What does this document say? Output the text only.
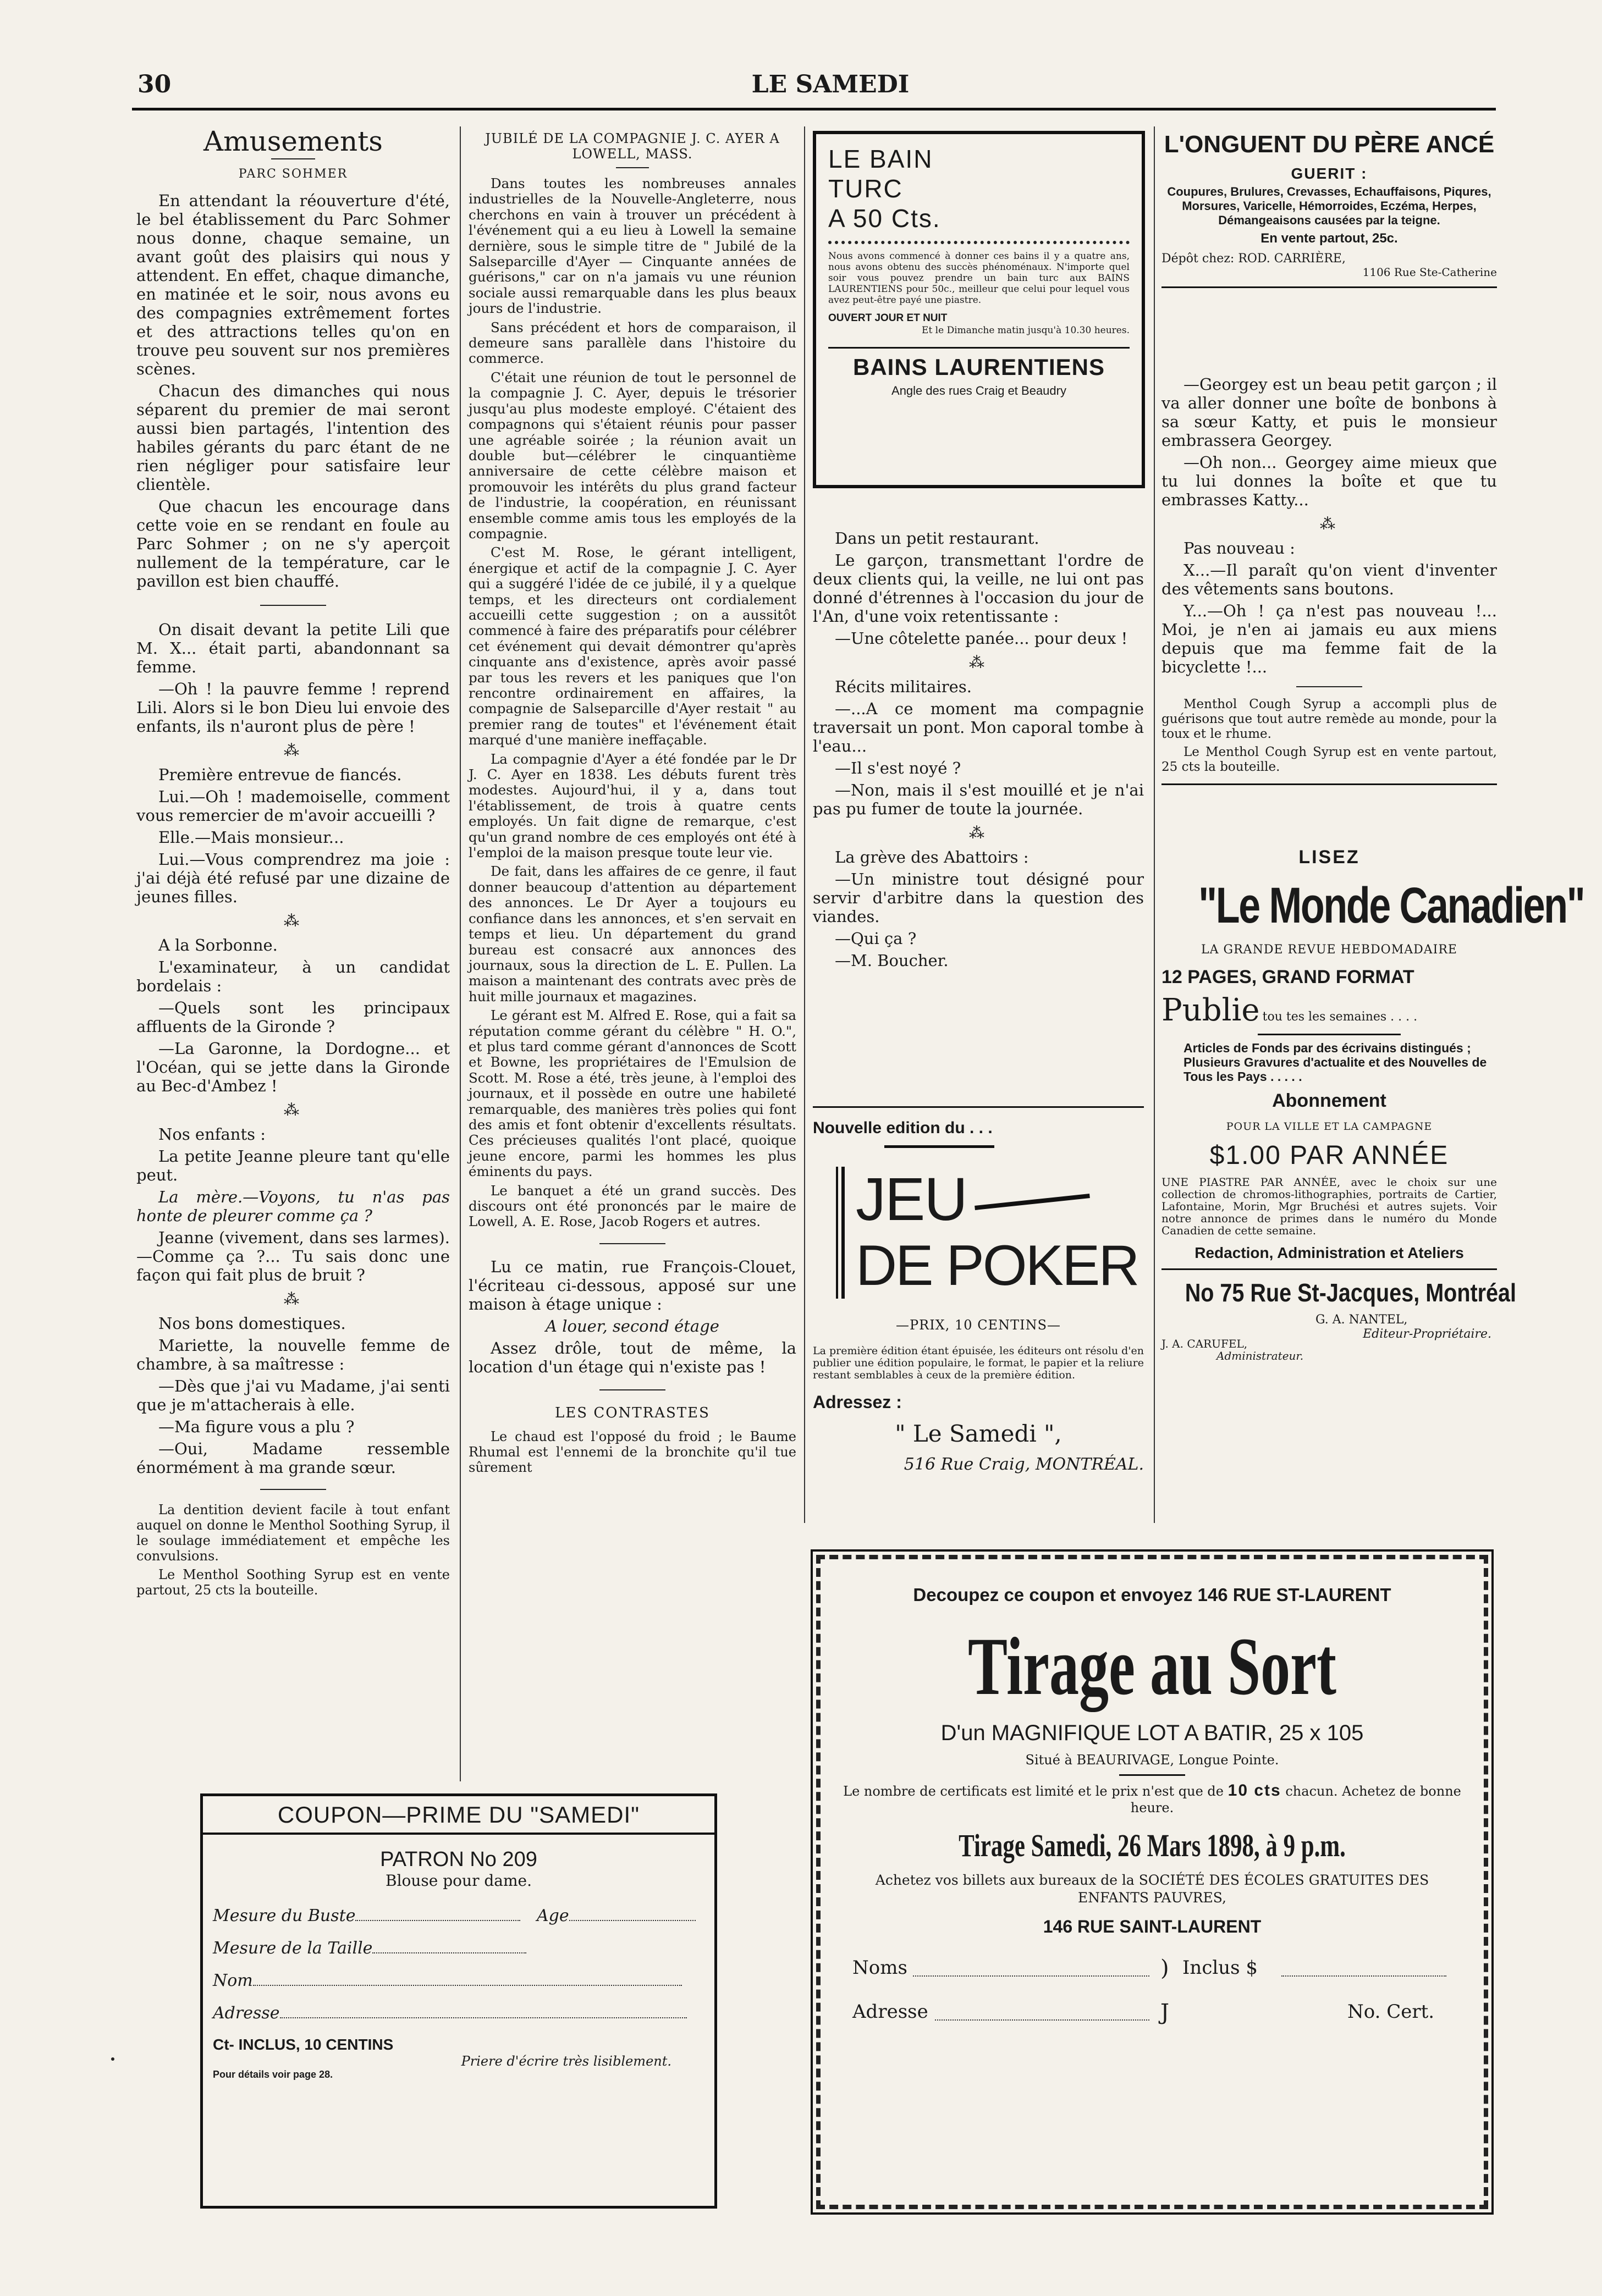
30	LE SAMEDI
Amusements
PARC SOHMER

En attendant la réouverture d'été, le bel établissement du Parc Sohmer nous donne, chaque semaine, un avant goût des plaisirs qui nous y attendent. En effet, chaque dimanche, en matinée et le soir, nous avons eu des compagnies extrêmement fortes et des attractions telles qu'on en trouve peu souvent sur nos premières scènes.

Chacun des dimanches qui nous séparent du premier de mai seront aussi bien partagés, l'intention des habiles gérants du parc étant de ne rien négliger pour satisfaire leur clientèle.

Que chacun les encourage dans cette voie en se rendant en foule au Parc Sohmer ; on ne s'y aperçoit nullement de la température, car le pavillon est bien chauffé.

On disait devant la petite Lili que M. X... était parti, abandonnant sa femme.

—Oh ! la pauvre femme ! reprend Lili. Alors si le bon Dieu lui envoie des enfants, ils n'auront plus de père !

⁂

Première entrevue de fiancés.

Lui.—Oh ! mademoiselle, comment vous remercier de m'avoir accueilli ?

Elle.—Mais monsieur...

Lui.—Vous comprendrez ma joie : j'ai déjà été refusé par une dizaine de jeunes filles.

⁂

A la Sorbonne.

L'examinateur, à un candidat bordelais :

—Quels sont les principaux affluents de la Gironde ?

—La Garonne, la Dordogne... et l'Océan, qui se jette dans la Gironde au Bec-d'Ambez !

⁂

Nos enfants :

La petite Jeanne pleure tant qu'elle peut.

La mère.—Voyons, tu n'as pas honte de pleurer comme ça ?

Jeanne (vivement, dans ses larmes). —Comme ça ?... Tu sais donc une façon qui fait plus de bruit ?

⁂

Nos bons domestiques.

Mariette, la nouvelle femme de chambre, à sa maîtresse :

—Dès que j'ai vu Madame, j'ai senti que je m'attacherais à elle.

—Ma figure vous a plu ?

—Oui, Madame ressemble énormément à ma grande sœur.

La dentition devient facile à tout enfant auquel on donne le Menthol Soothing Syrup, il le soulage immédiatement et empêche les convulsions.

Le Menthol Soothing Syrup est en vente partout, 25 cts la bouteille.

JUBILÉ DE LA COMPAGNIE J. C. AYER A LOWELL, MASS.

Dans toutes les nombreuses annales industrielles de la Nouvelle-Angleterre, nous cherchons en vain à trouver un précédent à l'événement qui a eu lieu à Lowell la semaine dernière, sous le simple titre de " Jubilé de la Salseparcille d'Ayer — Cinquante années de guérisons," car on n'a jamais vu une réunion sociale aussi remarquable dans les plus beaux jours de l'industrie.

Sans précédent et hors de comparaison, il demeure sans parallèle dans l'histoire du commerce.

C'était une réunion de tout le personnel de la compagnie J. C. Ayer, depuis le trésorier jusqu'au plus modeste employé. C'étaient des compagnons qui s'étaient réunis pour passer une agréable soirée ; la réunion avait un double but—célébrer le cinquantième anniversaire de cette célèbre maison et promouvoir les intérêts du plus grand facteur de l'industrie, la coopération, en réunissant ensemble comme amis tous les employés de la compagnie.

C'est M. Rose, le gérant intelligent, énergique et actif de la compagnie J. C. Ayer qui a suggéré l'idée de ce jubilé, il y a quelque temps, et les directeurs ont cordialement accueilli cette suggestion ; on a aussitôt commencé à faire des préparatifs pour célébrer cet événement qui devait démontrer qu'après cinquante ans d'existence, après avoir passé par tous les revers et les paniques que l'on rencontre ordinairement en affaires, la compagnie de Salseparcille d'Ayer restait " au premier rang de toutes" et l'événement était marqué d'une manière ineffaçable.

La compagnie d'Ayer a été fondée par le Dr J. C. Ayer en 1838. Les débuts furent très modestes. Aujourd'hui, il y a, dans tout l'établissement, de trois à quatre cents employés. Un fait digne de remarque, c'est qu'un grand nombre de ces employés ont été à l'emploi de la maison presque toute leur vie.

De fait, dans les affaires de ce genre, il faut donner beaucoup d'attention au département des annonces. Le Dr Ayer a toujours eu confiance dans les annonces, et s'en servait en temps et lieu. Un département du grand bureau est consacré aux annonces des journaux, sous la direction de L. E. Pullen. La maison a maintenant des contrats avec près de huit mille journaux et magazines.

Le gérant est M. Alfred E. Rose, qui a fait sa réputation comme gérant du célèbre " H. O.", et plus tard comme gérant d'annonces de Scott et Bowne, les propriétaires de l'Emulsion de Scott. M. Rose a été, très jeune, à l'emploi des journaux, et il possède en outre une habileté remarquable, des manières très polies qui font des amis et font obtenir d'excellents résultats. Ces précieuses qualités l'ont placé, quoique jeune encore, parmi les hommes les plus éminents du pays.

Le banquet a été un grand succès. Des discours ont été prononcés par le maire de Lowell, A. E. Rose, Jacob Rogers et autres.

Lu ce matin, rue François-Clouet, l'écriteau ci-dessous, apposé sur une maison à étage unique :

A louer, second étage

Assez drôle, tout de même, la location d'un étage qui n'existe pas !

LES CONTRASTES

Le chaud est l'opposé du froid ; le Baume Rhumal est l'ennemi de la bronchite qu'il tue sûrement

LE BAIN
TURC
A 50 Cts.
Nous avons commencé à donner ces bains il y a quatre ans, nous avons obtenu des succès phénoménaux. N'importe quel soir vous pouvez prendre un bain turc aux BAINS LAURENTIENS pour 50c., meilleur que celui pour lequel vous avez peut-être payé une piastre.
OUVERT JOUR ET NUIT
Et le Dimanche matin jusqu'à 10.30 heures.
BAINS LAURENTIENS
Angle des rues Craig et Beaudry

Dans un petit restaurant.

Le garçon, transmettant l'ordre de deux clients qui, la veille, ne lui ont pas donné d'étrennes à l'occasion du jour de l'An, d'une voix retentissante :

—Une côtelette panée... pour deux !

⁂

Récits militaires.

—...A ce moment ma compagnie traversait un pont. Mon caporal tombe à l'eau...

—Il s'est noyé ?

—Non, mais il s'est mouillé et je n'ai pas pu fumer de toute la journée.

⁂

La grève des Abattoirs :

—Un ministre tout désigné pour servir d'arbitre dans la question des viandes.

—Qui ça ?

—M. Boucher.

Nouvelle edition du . . .
JEU
DE POKER
—PRIX, 10 CENTINS—
La première édition étant épuisée, les éditeurs ont résolu d'en publier une édition populaire, le format, le papier et la reliure restant semblables à ceux de la première édition.
Adressez :
" Le Samedi ",
516 Rue Craig, MONTRÉAL.
L'ONGUENT DU PÈRE ANCÉ
GUERIT :
Coupures, Brulures, Crevasses, Echauffaisons, Piqures, Morsures, Varicelle, Hémorroides, Eczéma, Herpes, Démangeaisons causées par la teigne.
En vente partout, 25c.
Dépôt chez: ROD. CARRIÈRE,
1106 Rue Ste-Catherine

—Georgey est un beau petit garçon ; il va aller donner une boîte de bonbons à sa sœur Katty, et puis le monsieur embrassera Georgey.

—Oh non... Georgey aime mieux que tu lui donnes la boîte et que tu embrasses Katty...

⁂

Pas nouveau :

X...—Il paraît qu'on vient d'inventer des vêtements sans boutons.

Y...—Oh ! ça n'est pas nouveau !... Moi, je n'en ai jamais eu aux miens depuis que ma femme fait de la bicyclette !...

Menthol Cough Syrup a accompli plus de guérisons que tout autre remède au monde, pour la toux et le rhume.

Le Menthol Cough Syrup est en vente partout, 25 cts la bouteille.

LISEZ
"Le Monde Canadien"
LA GRANDE REVUE HEBDOMADAIRE
12 PAGES, GRAND FORMAT
Publie tou tes les semaines . . . .
Articles de Fonds par des écrivains distingués ; Plusieurs Gravures d'actualite et des Nouvelles de Tous les Pays . . . . .
Abonnement
POUR LA VILLE ET LA CAMPAGNE
$1.00 PAR ANNÉE
UNE PIASTRE PAR ANNÉE, avec le choix sur une collection de chromos-lithographies, portraits de Cartier, Lafontaine, Morin, Mgr Bruchési et autres sujets. Voir notre annonce de primes dans le numéro du Monde Canadien de cette semaine.
Redaction, Administration et Ateliers
No 75 Rue St-Jacques, Montréal
G. A. NANTEL,
Editeur-Propriétaire.
J. A. CARUFEL,
Administrateur.
COUPON—PRIME DU "SAMEDI"
PATRON No 209
Blouse pour dame.
Mesure du Buste	Age
Mesure de la Taille
Nom
Adresse
Ct- INCLUS, 10 CENTINS
Priere d'écrire très lisiblement.
Pour détails voir page 28.
Decoupez ce coupon et envoyez 146 RUE ST-LAURENT
Tirage au Sort
D'un MAGNIFIQUE LOT A BATIR, 25 x 105
Situé à BEAURIVAGE, Longue Pointe.
Le nombre de certificats est limité et le prix n'est que de 10 cts chacun. Achetez de bonne heure.
Tirage Samedi, 26 Mars 1898, à 9 p.m.
Achetez vos billets aux bureaux de la SOCIÉTÉ DES ÉCOLES GRATUITES DES ENFANTS PAUVRES,
146 RUE SAINT-LAURENT
Noms	) Inclus $
Adresse	J	No. Cert.
